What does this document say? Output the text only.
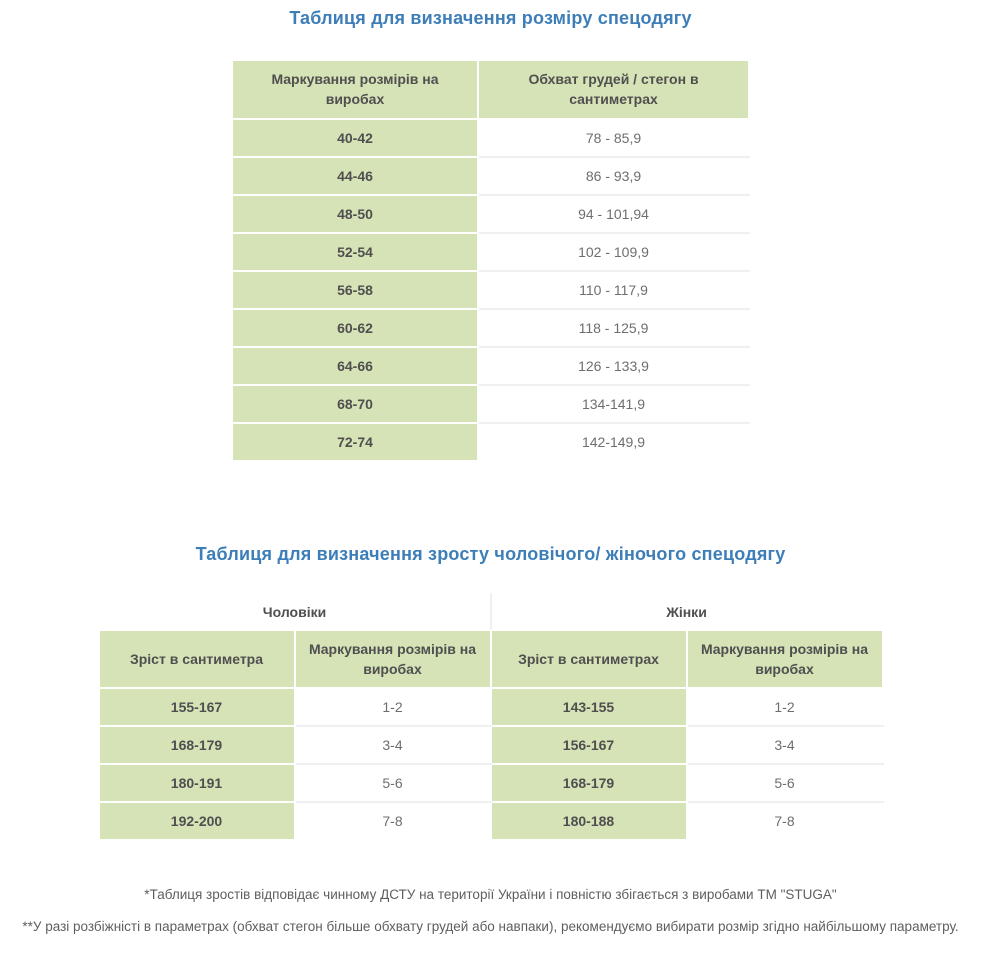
Таблиця для визначення розміру спецодягу
Маркування розмірів на виробах	Обхват грудей / стегон в сантиметрах
40-42	78 - 85,9
44-46	86 - 93,9
48-50	94 - 101,94
52-54	102 - 109,9
56-58	110 - 117,9
60-62	118 - 125,9
64-66	126 - 133,9
68-70	134-141,9
72-74	142-149,9
Таблиця для визначення зросту чоловічого/ жіночого спецодягу
Чоловіки		Жінки	
Зріст в сантиметра	Маркування розмірів на виробах	Зріст в сантиметрах	Маркування розмірів на виробах
155-167	1-2	143-155	1-2
168-179	3-4	156-167	3-4
180-191	5-6	168-179	5-6
192-200	7-8	180-188	7-8

*Таблиця зростів відповідає чинному ДСТУ на території України і повністю збігається з виробами ТМ "STUGA"

**У разі розбіжністі в параметрах (обхват стегон більше обхвату грудей або навпаки), рекомендуємо вибирати розмір згідно найбільшому параметру.
